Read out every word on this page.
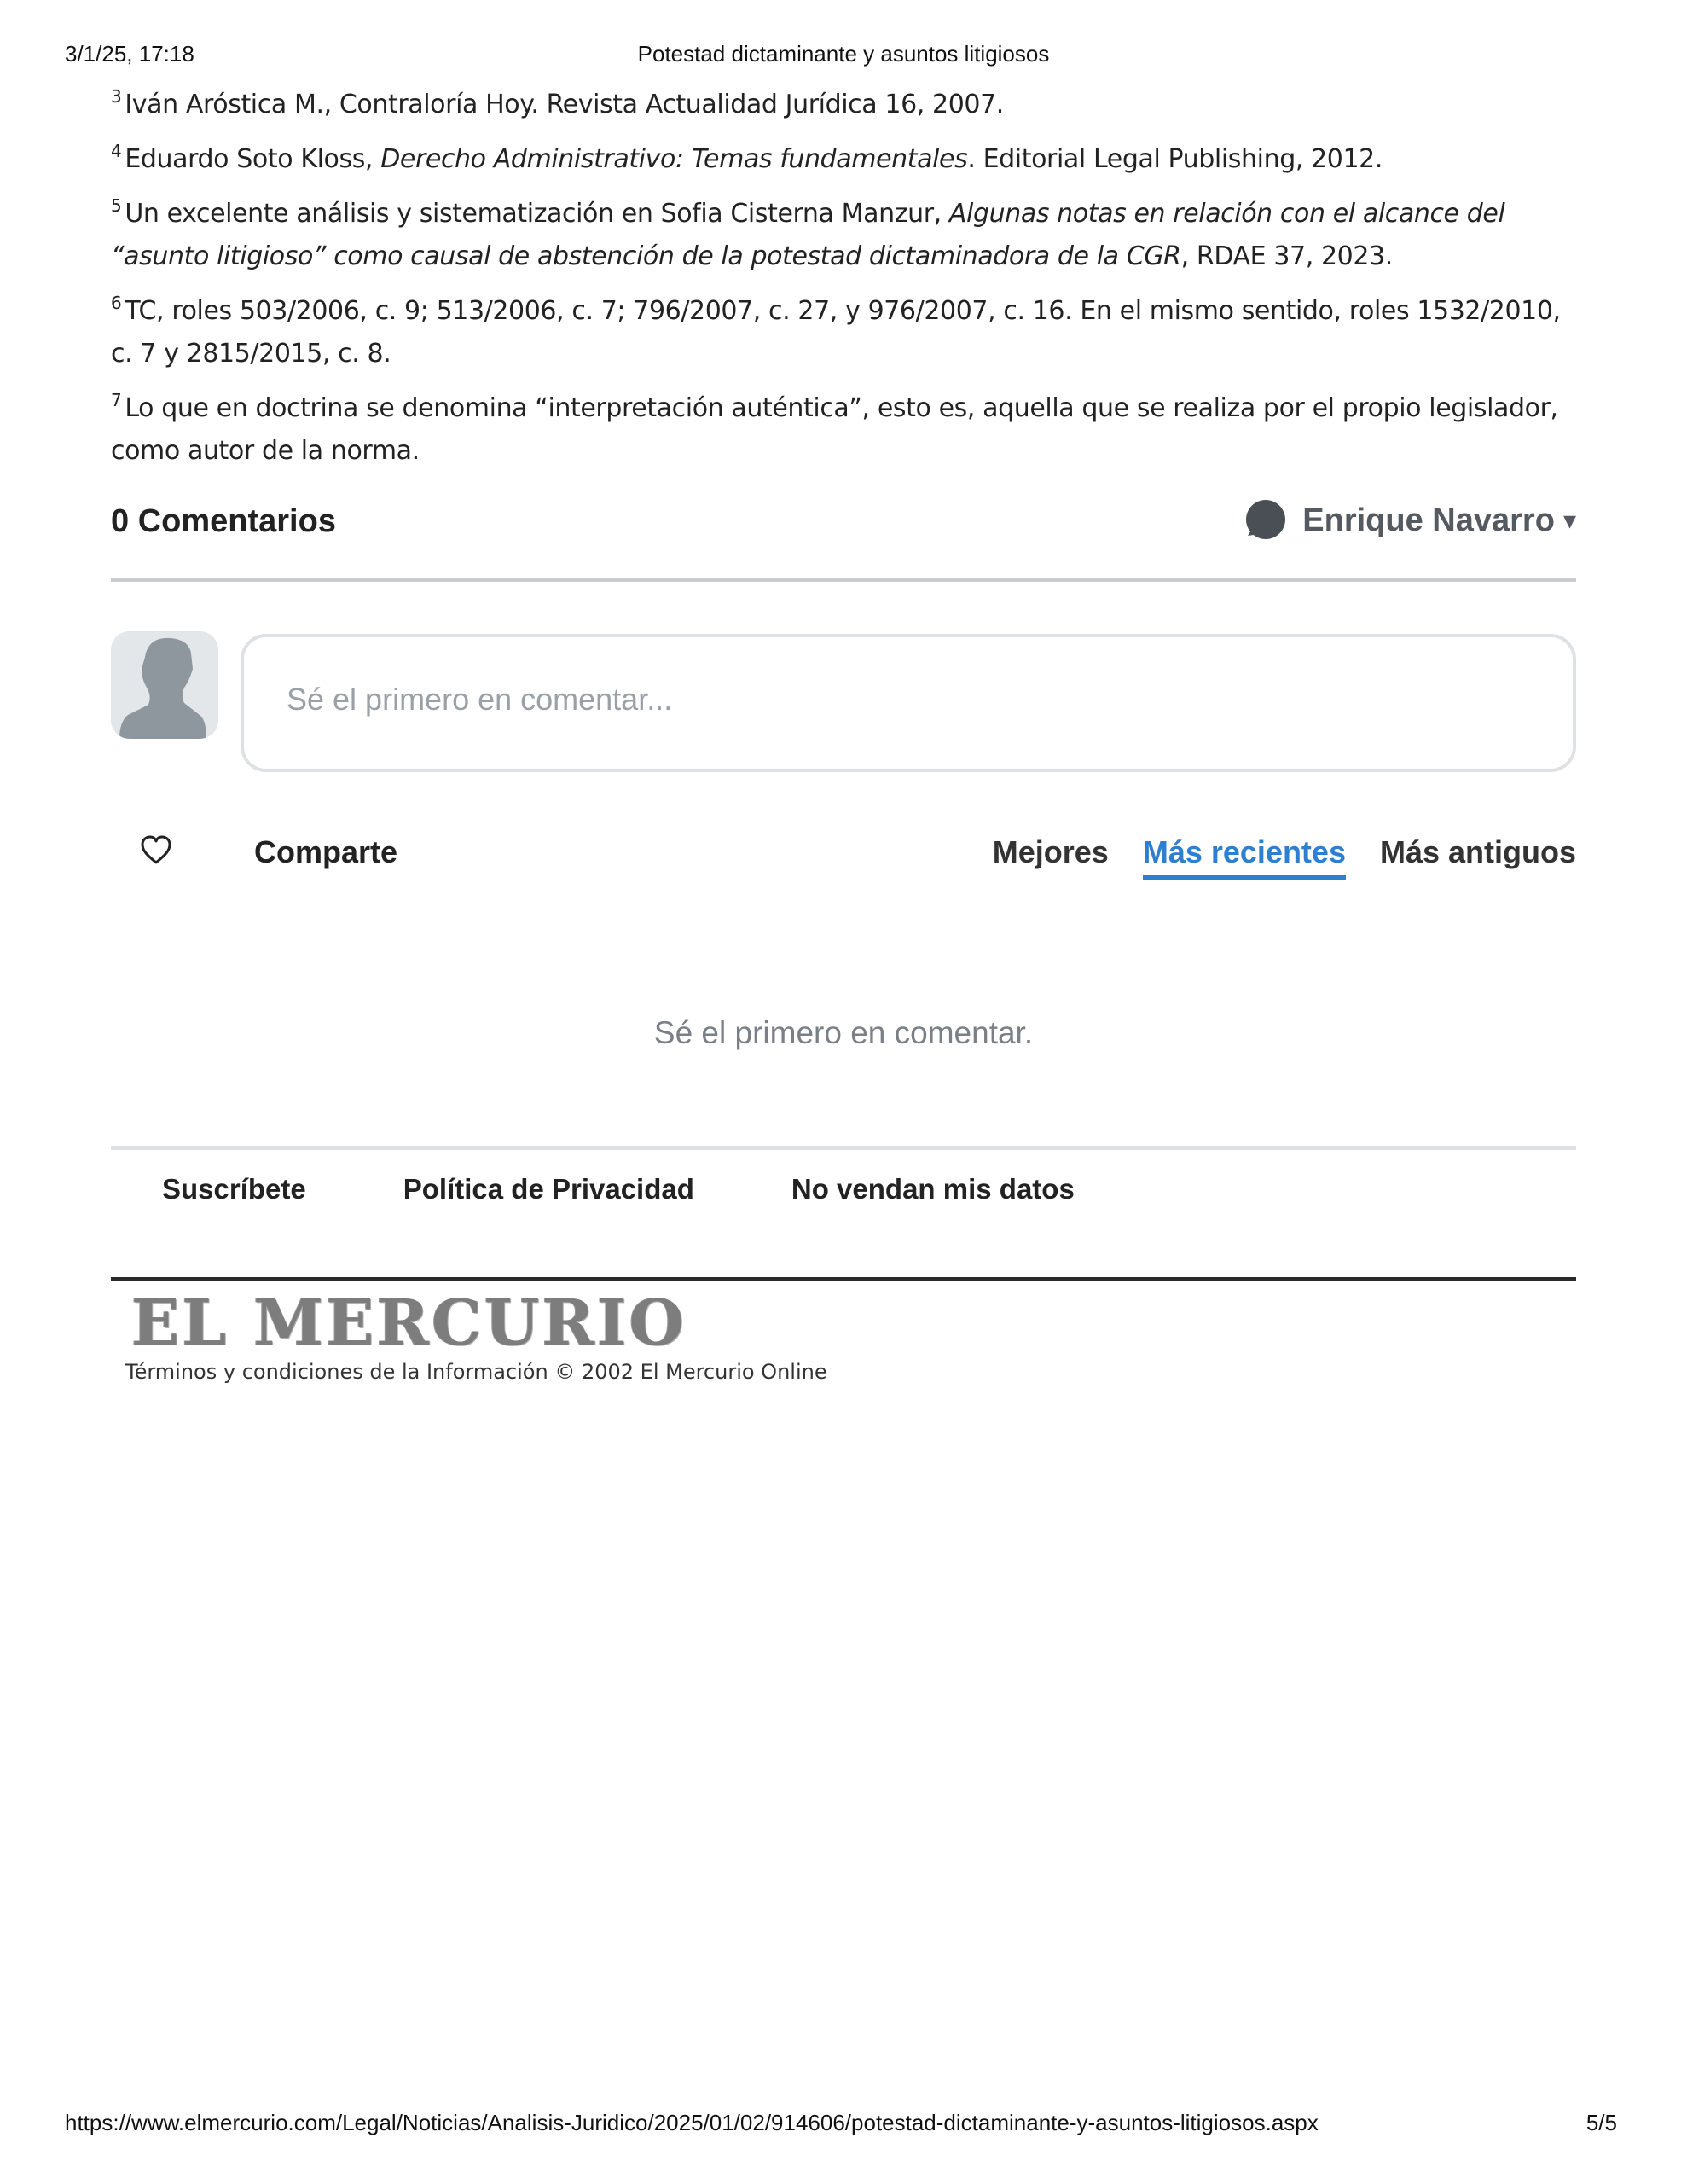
3/1/25, 17:18	Potestad dictaminante y asuntos litigiosos

$^3$ Iván Aróstica M., Contraloría Hoy. Revista Actualidad Jurídica 16, 2007.

$^4$ Eduardo Soto Kloss, Derecho Administrativo: Temas fundamentales. Editorial Legal Publishing, 2012.

$^5$ Un excelente análisis y sistematización en Sofia Cisterna Manzur, Algunas notas en relación con el alcance del “asunto litigioso” como causal de abstención de la potestad dictaminadora de la CGR, RDAE 37, 2023.

$^6$ TC, roles 503/2006, c. 9; 513/2006, c. 7; 796/2007, c. 27, y 976/2007, c. 16. En el mismo sentido, roles 1532/2010, c. 7 y 2815/2015, c. 8.

$^7$ Lo que en doctrina se denomina “interpretación auténtica”, esto es, aquella que se realiza por el propio legislador, como autor de la norma.

0 Comentarios	Enrique Navarro ▾
Sé el primero en comentar...
Comparte	Mejores Más recientes Más antiguos
Sé el primero en comentar.
Suscríbete	Política de Privacidad	No vendan mis datos
EL MERCURIO
Términos y condiciones de la Información © 2002 El Mercurio Online
https://www.elmercurio.com/Legal/Noticias/Analisis-Juridico/2025/01/02/914606/potestad-dictaminante-y-asuntos-litigiosos.aspx	5/5
